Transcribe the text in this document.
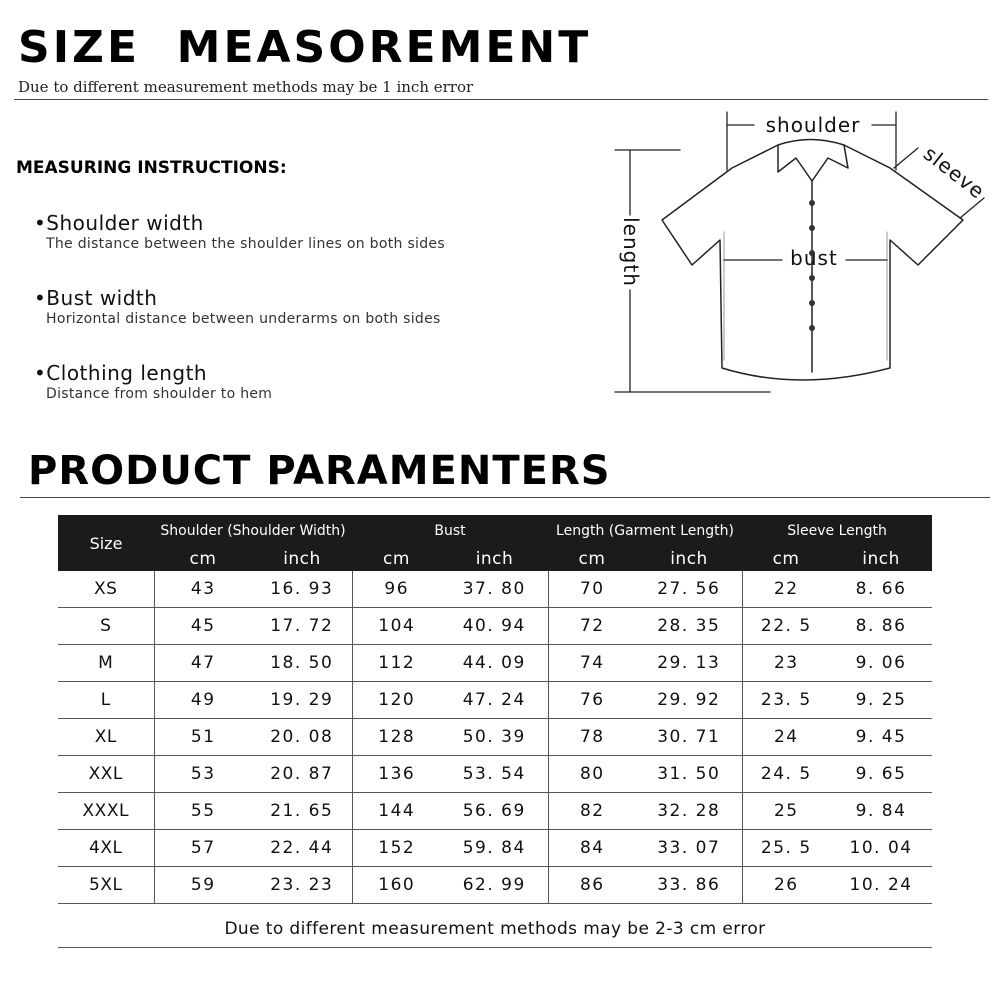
SIZE  MEASOREMENT
Due to different measurement methods may be 1 inch error
MEASURING INSTRUCTIONS:
•Shoulder width
The distance between the shoulder lines on both sides
•Bust width
Horizontal distance between underarms on both sides
•Clothing length
Distance from shoulder to hem
shoulder
bust
length
sleeve
PRODUCT PARAMENTERS
Size	Shoulder (Shoulder Width)		Bust		Length (Garment Length)		Sleeve Length	
	cm	inch	cm	inch	cm	inch	cm	inch
XS	43	16. 93	96	37. 80	70	27. 56	22	8. 66
S	45	17. 72	104	40. 94	72	28. 35	22. 5	8. 86
M	47	18. 50	112	44. 09	74	29. 13	23	9. 06
L	49	19. 29	120	47. 24	76	29. 92	23. 5	9. 25
XL	51	20. 08	128	50. 39	78	30. 71	24	9. 45
XXL	53	20. 87	136	53. 54	80	31. 50	24. 5	9. 65
XXXL	55	21. 65	144	56. 69	82	32. 28	25	9. 84
4XL	57	22. 44	152	59. 84	84	33. 07	25. 5	10. 04
5XL	59	23. 23	160	62. 99	86	33. 86	26	10. 24
Due to different measurement methods may be 2-3 cm error
